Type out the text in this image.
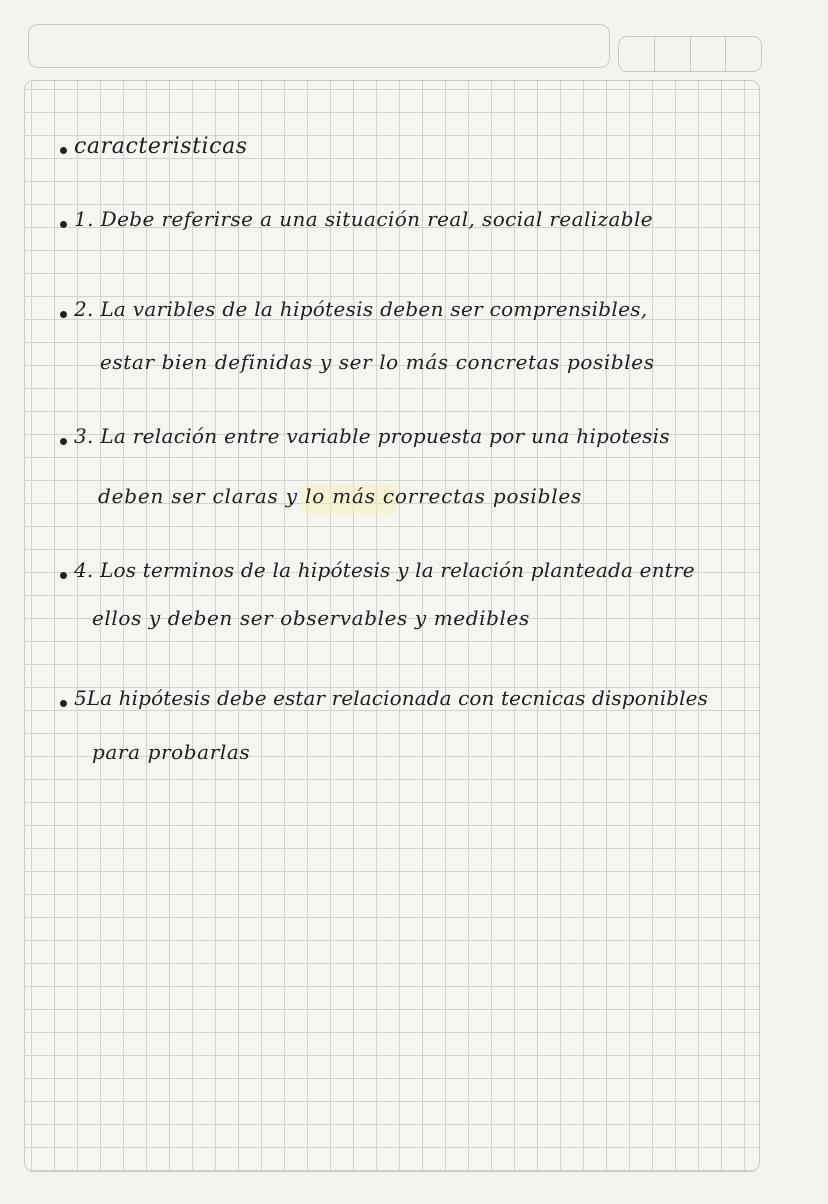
caracteristicas
1. Debe referirse a una situación real, social realizable
2. La varibles de la hipótesis deben ser comprensibles,
estar bien definidas y ser lo más concretas posibles
3. La relación entre variable propuesta por una hipotesis
deben ser claras y lo más correctas posibles
4. Los terminos de la hipótesis y la relación planteada entre
ellos y deben ser observables y medibles
5La hipótesis debe estar relacionada con tecnicas disponibles
para probarlas
